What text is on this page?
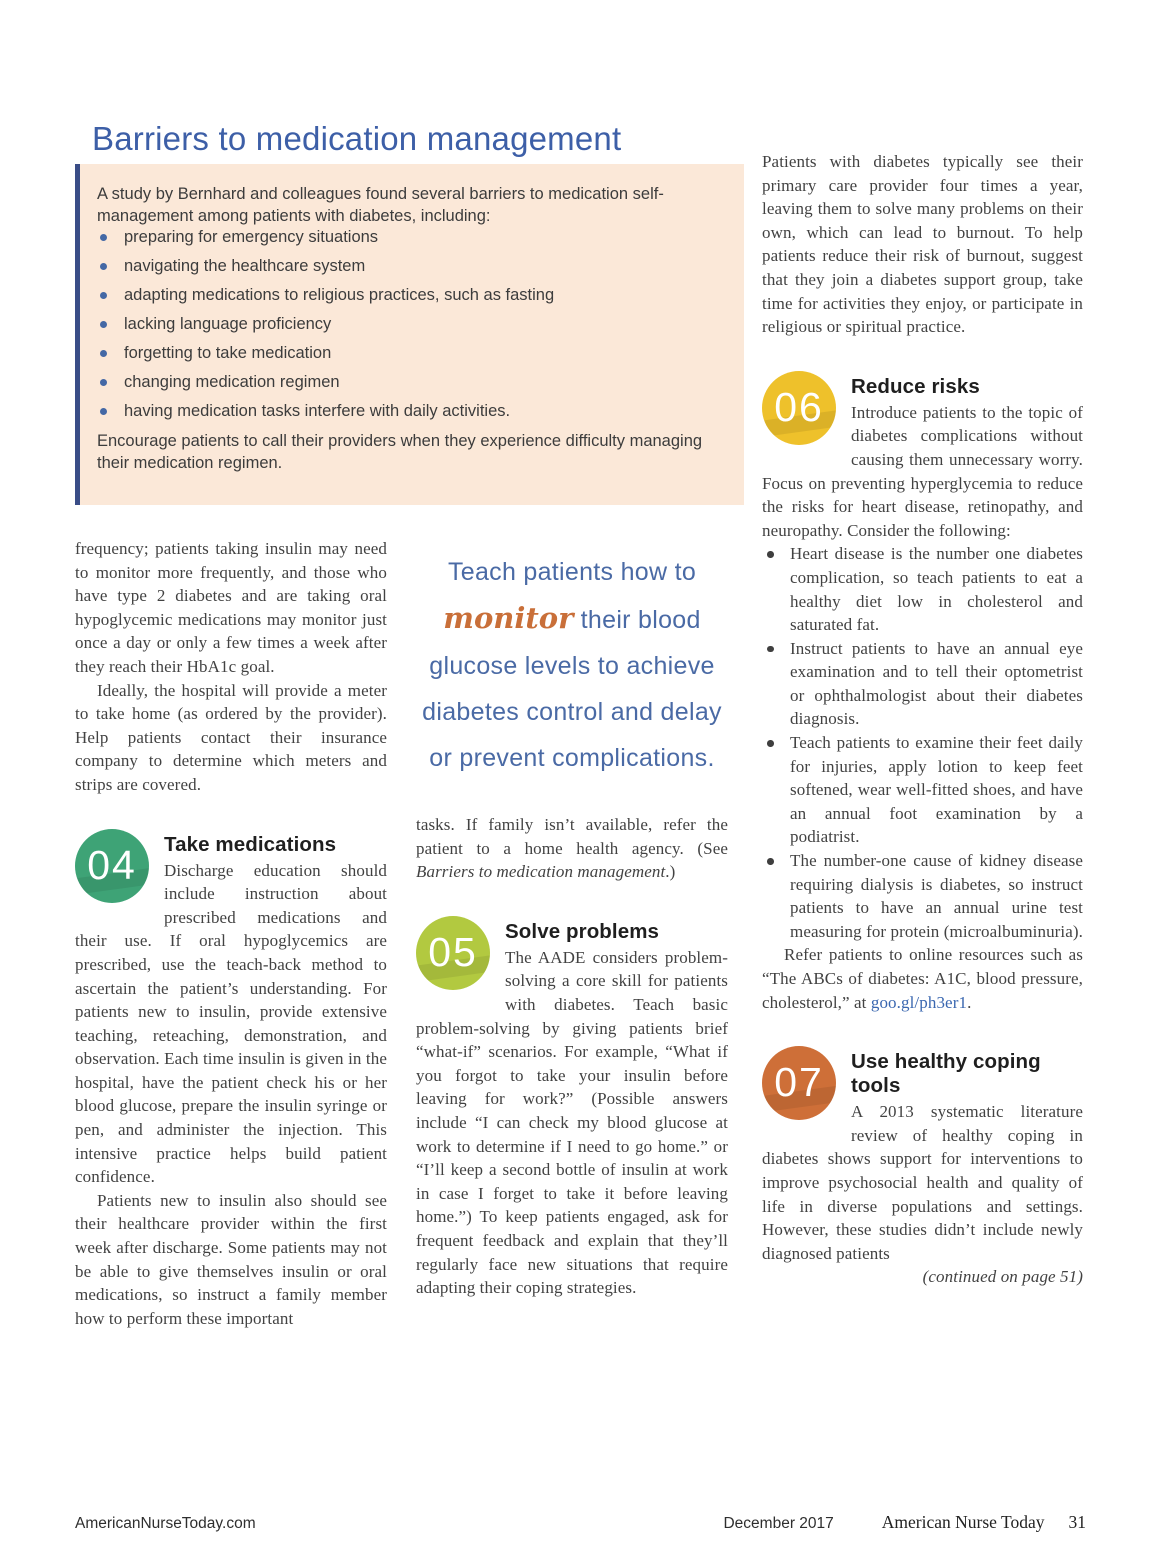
Barriers to medication management

A study by Bernhard and colleagues found several barriers to medication self-management among patients with diabetes, including:

preparing for emergency situations
navigating the healthcare system
adapting medications to religious practices, such as fasting
lacking language proficiency
forgetting to take medication
changing medication regimen
having medication tasks interfere with daily activities.

Encourage patients to call their providers when they experience difficulty managing their medication regimen.

frequency; patients taking insulin may need to monitor more frequently, and those who have type 2 diabetes and are taking oral hypoglycemic medications may monitor just once a day or only a few times a week after they reach their HbA1c goal.

Ideally, the hospital will provide a meter to take home (as ordered by the provider). Help patients contact their insurance company to determine which meters and strips are covered.

04	Take medications

Discharge education should include instruction about prescribed medications and their use. If oral hypoglycemics are prescribed, use the teach-back method to ascertain the patient’s understanding. For patients new to insulin, provide extensive teaching, reteaching, demonstration, and observation. Each time insulin is given in the hospital, have the patient check his or her blood glucose, prepare the insulin syringe or pen, and administer the injection. This intensive practice helps build patient confidence.

Patients new to insulin also should see their healthcare provider within the first week after discharge. Some patients may not be able to give themselves insulin or oral medications, so instruct a family member how to perform these important

Teach patients how to monitor their blood glucose levels to achieve diabetes control and delay or prevent complications.

tasks. If family isn’t available, refer the patient to a home health agency. (See Barriers to medication management.)

05	Solve problems

The AADE considers problem-solving a core skill for patients with diabetes. Teach basic problem-solving by giving patients brief “what-if” scenarios. For example, “What if you forgot to take your insulin before leaving for work?” (Possible answers include “I can check my blood glucose at work to determine if I need to go home.” or “I’ll keep a second bottle of insulin at work in case I forget to take it before leaving home.”) To keep patients engaged, ask for frequent feedback and explain that they’ll regularly face new situations that require adapting their coping strategies.

Patients with diabetes typically see their primary care provider four times a year, leaving them to solve many problems on their own, which can lead to burnout. To help patients reduce their risk of burnout, suggest that they join a diabetes support group, take time for activities they enjoy, or participate in religious or spiritual practice.

06	Reduce risks

Introduce patients to the topic of diabetes complications without causing them unnecessary worry. Focus on preventing hyperglycemia to reduce the risks for heart disease, retinopathy, and neuropathy. Consider the following:

Heart disease is the number one diabetes complication, so teach patients to eat a healthy diet low in cholesterol and saturated fat.
Instruct patients to have an annual eye examination and to tell their optometrist or ophthalmologist about their diabetes diagnosis.
Teach patients to examine their feet daily for injuries, apply lotion to keep feet softened, wear well-fitted shoes, and have an annual foot examination by a podiatrist.
The number-one cause of kidney disease requiring dialysis is diabetes, so instruct patients to have an annual urine test measuring for protein (microalbuminuria).

Refer patients to online resources such as “The ABCs of diabetes: A1C, blood pressure, cholesterol,” at goo.gl/ph3er1.

07	Use healthy coping tools

A 2013 systematic literature review of healthy coping in diabetes shows support for interventions to improve psychosocial health and quality of life in diverse populations and settings. However, these studies didn’t include newly diagnosed patients

(continued on page 51)

AmericanNurseToday.com	December 2017	American Nurse Today 31
